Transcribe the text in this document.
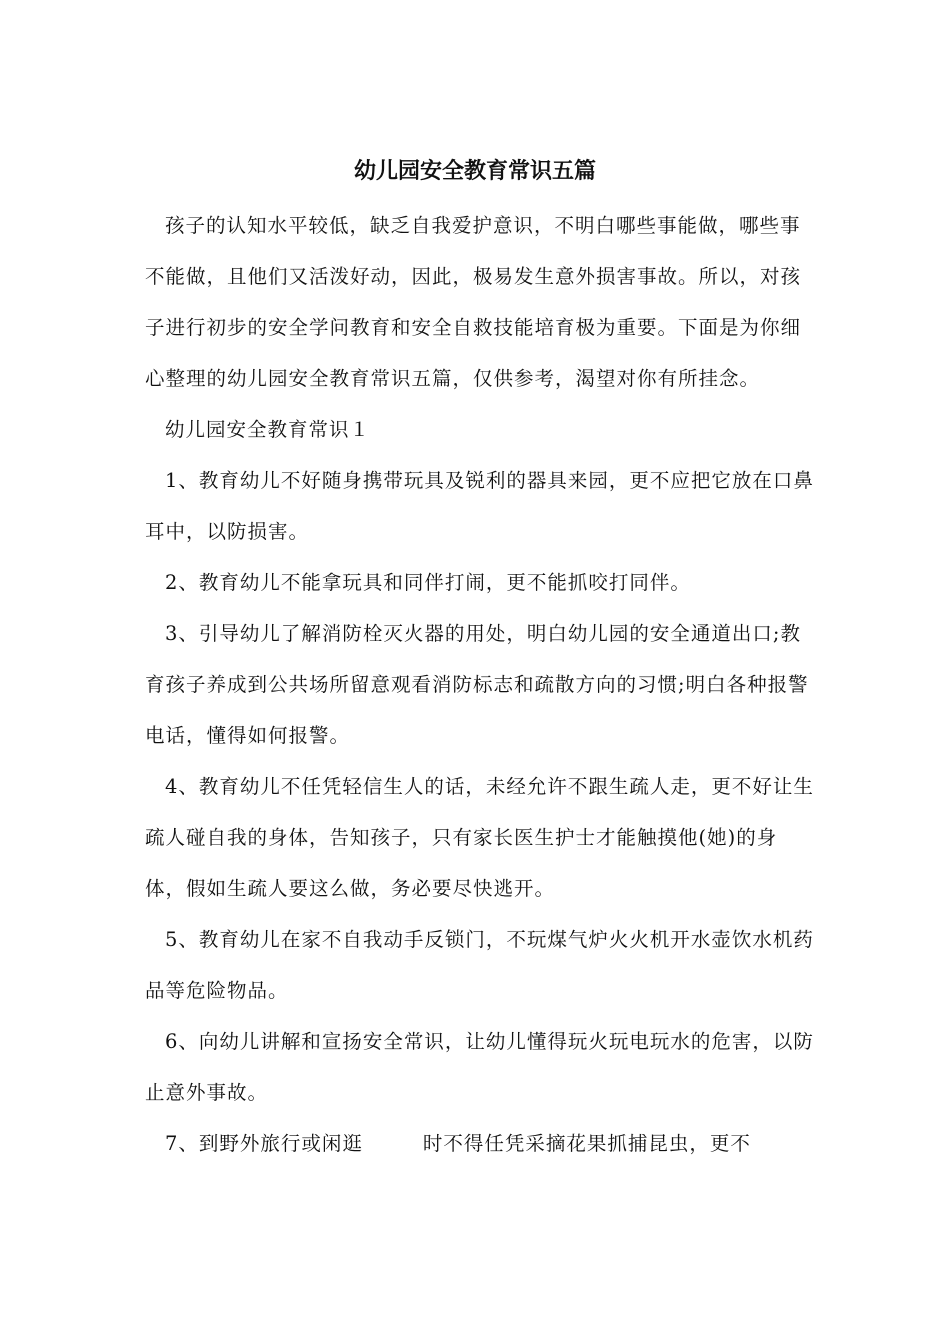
幼儿园安全教育常识五篇

孩子的认知水平较低，缺乏自我爱护意识，不明白哪些事能做，哪些事不能做，且他们又活泼好动，因此，极易发生意外损害事故。所以，对孩子进行初步的安全学问教育和安全自救技能培育极为重要。下面是为你细心整理的幼儿园安全教育常识五篇，仅供参考，渴望对你有所挂念。

幼儿园安全教育常识１

1、教育幼儿不好随身携带玩具及锐利的器具来园，更不应把它放在口鼻耳中，以防损害。

2、教育幼儿不能拿玩具和同伴打闹，更不能抓咬打同伴。

3、引导幼儿了解消防栓灭火器的用处，明白幼儿园的安全通道出口;教育孩子养成到公共场所留意观看消防标志和疏散方向的习惯;明白各种报警电话，懂得如何报警。

4、教育幼儿不任凭轻信生人的话，未经允许不跟生疏人走，更不好让生疏人碰自我的身体，告知孩子，只有家长医生护士才能触摸他(她)的身体，假如生疏人要这么做，务必要尽快逃开。

5、教育幼儿在家不自我动手反锁门，不玩煤气炉火火机开水壶饮水机药品等危险物品。

6、向幼儿讲解和宣扬安全常识，让幼儿懂得玩火玩电玩水的危害，以防止意外事故。

7、到野外旅行或闲逛	时不得任凭采摘花果抓捕昆虫，更不
